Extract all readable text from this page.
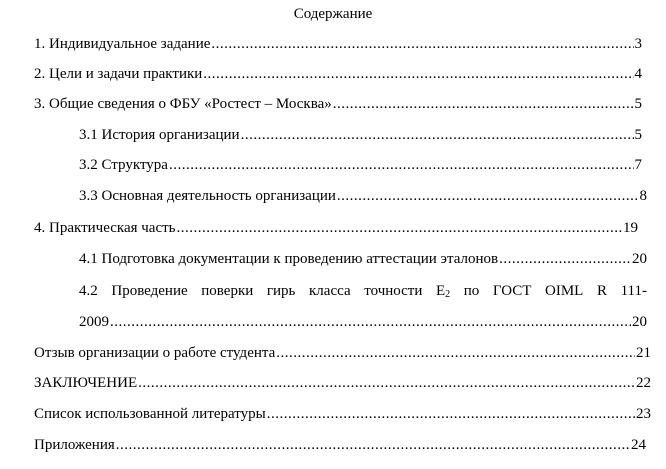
Содержание
1. Индивидуальное задание .....	3
2. Цели и задачи практики .....	4
3. Общие сведения о ФБУ «Ростест – Москва» .....	5
3.1 История организации .....	5
3.2 Структура .....	7
3.3 Основная деятельность организации .....	8
4. Практическая часть .....	19
4.1 Подготовка документации к проведению аттестации эталонов .....	20
4.2 Проведение поверки гирь класса точности E2 по ГОСТ OIML R 111-
2009 .....	20
Отзыв организации о работе студента .....	21
ЗАКЛЮЧЕНИЕ .....	22
Список использованной литературы .....	23
Приложения .....	24
